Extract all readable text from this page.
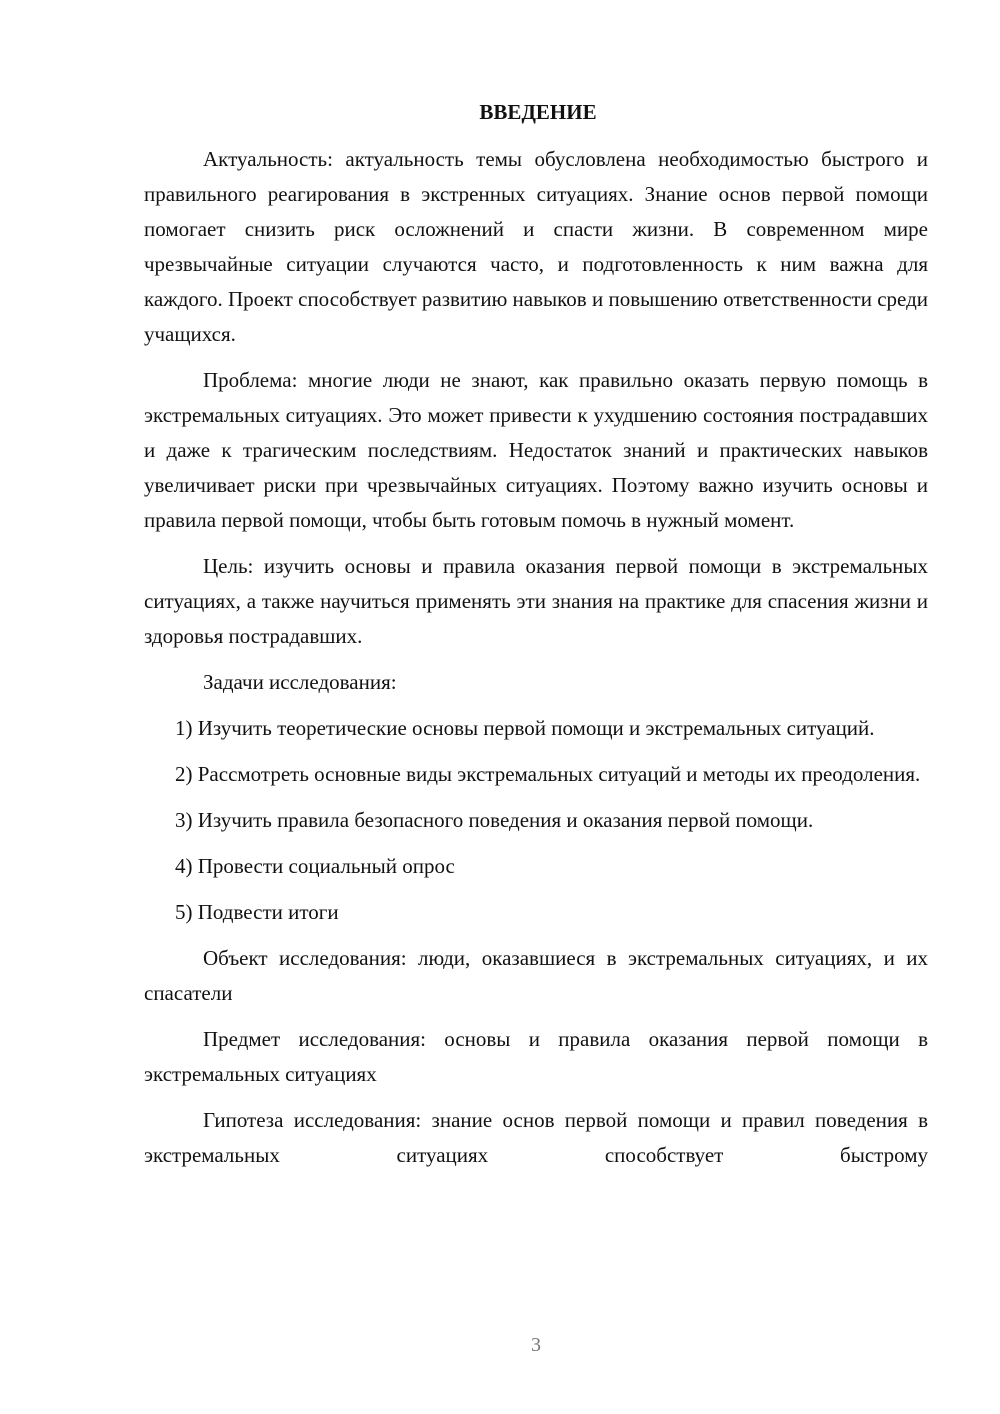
ВВЕДЕНИЕ

Актуальность: актуальность темы обусловлена необходимостью быстрого и правильного реагирования в экстренных ситуациях. Знание основ первой помощи помогает снизить риск осложнений и спасти жизни. В современном мире чрезвычайные ситуации случаются часто, и подготовленность к ним важна для каждого. Проект способствует развитию навыков и повышению ответственности среди учащихся.

Проблема: многие люди не знают, как правильно оказать первую помощь в экстремальных ситуациях. Это может привести к ухудшению состояния пострадавших и даже к трагическим последствиям. Недостаток знаний и практических навыков увеличивает риски при чрезвычайных ситуациях. Поэтому важно изучить основы и правила первой помощи, чтобы быть готовым помочь в нужный момент.

Цель: изучить основы и правила оказания первой помощи в экстремальных ситуациях, а также научиться применять эти знания на практике для спасения жизни и здоровья пострадавших.

Задачи исследования:

1) Изучить теоретические основы первой помощи и экстремальных ситуаций.

2) Рассмотреть основные виды экстремальных ситуаций и методы их преодоления.

3) Изучить правила безопасного поведения и оказания первой помощи.

4) Провести социальный опрос

5) Подвести итоги

Объект исследования: люди, оказавшиеся в экстремальных ситуациях, и их спасатели

Предмет исследования: основы и правила оказания первой помощи в экстремальных ситуациях

Гипотеза исследования: знание основ первой помощи и правил поведения в экстремальных ситуациях способствует быстрому

3
